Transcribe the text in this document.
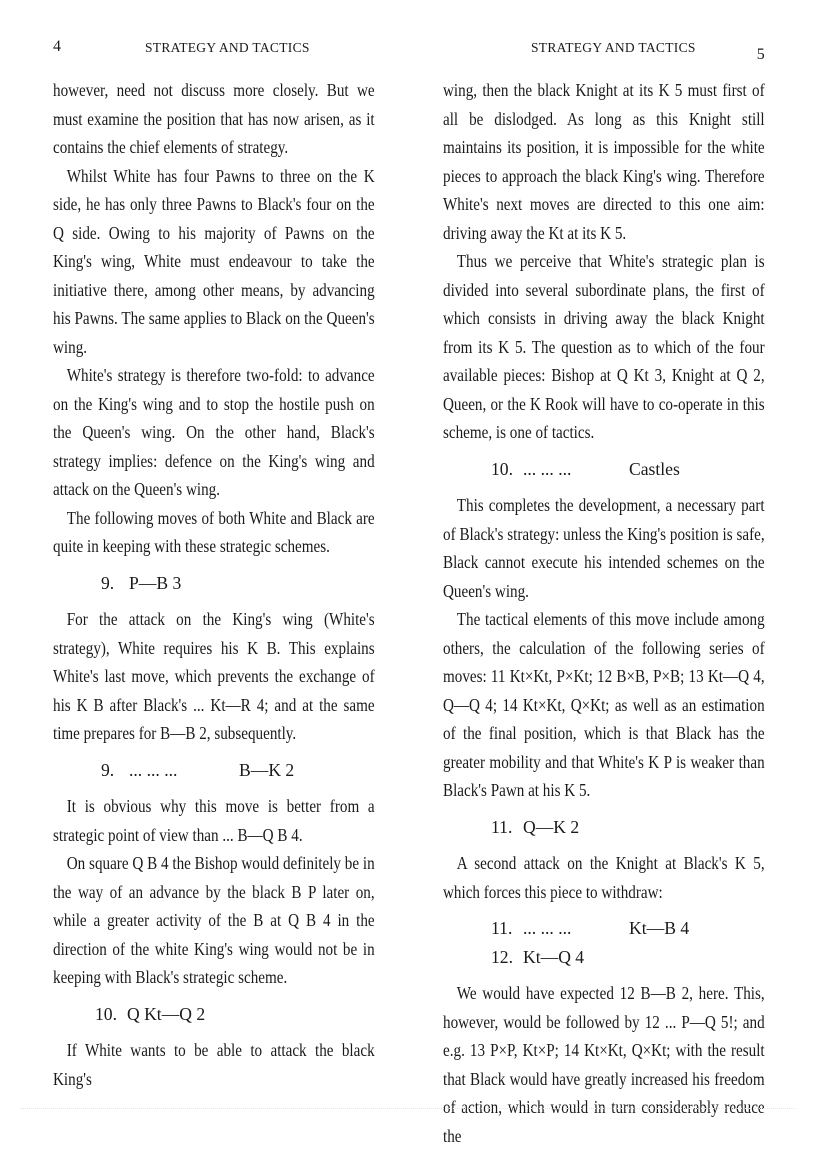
4	STRATEGY AND TACTICS

however, need not discuss more closely. But we must examine the position that has now arisen, as it contains the chief elements of strategy.

Whilst White has four Pawns to three on the K side, he has only three Pawns to Black's four on the Q side. Owing to his majority of Pawns on the King's wing, White must endeavour to take the initiative there, among other means, by advancing his Pawns. The same applies to Black on the Queen's wing.

White's strategy is therefore two-fold: to advance on the King's wing and to stop the hostile push on the Queen's wing. On the other hand, Black's strategy implies: defence on the King's wing and attack on the Queen's wing.

The following moves of both White and Black are quite in keeping with these strategic schemes.

9. P—B 3

For the attack on the King's wing (White's strategy), White requires his K B. This explains White's last move, which prevents the exchange of his K B after Black's ... Kt—R 4; and at the same time prepares for B—B 2, subsequently.

9. ... ... ...	B—K 2

It is obvious why this move is better from a strategic point of view than ... B—Q B 4.

On square Q B 4 the Bishop would definitely be in the way of an advance by the black B P later on, while a greater activity of the B at Q B 4 in the direction of the white King's wing would not be in keeping with Black's strategic scheme.

10. Q Kt—Q 2

If White wants to be able to attack the black King's

STRATEGY AND TACTICS	5

wing, then the black Knight at its K 5 must first of all be dislodged. As long as this Knight still maintains its position, it is impossible for the white pieces to approach the black King's wing. Therefore White's next moves are directed to this one aim: driving away the Kt at its K 5.

Thus we perceive that White's strategic plan is divided into several subordinate plans, the first of which consists in driving away the black Knight from its K 5. The question as to which of the four available pieces: Bishop at Q Kt 3, Knight at Q 2, Queen, or the K Rook will have to co-operate in this scheme, is one of tactics.

10. ... ... ...	Castles

This completes the development, a necessary part of Black's strategy: unless the King's position is safe, Black cannot execute his intended schemes on the Queen's wing.

The tactical elements of this move include among others, the calculation of the following series of moves: 11 Kt×Kt, P×Kt; 12 B×B, P×B; 13 Kt—Q 4, Q—Q 4; 14 Kt×Kt, Q×Kt; as well as an estimation of the final position, which is that Black has the greater mobility and that White's K P is weaker than Black's Pawn at his K 5.

11. Q—K 2

A second attack on the Knight at Black's K 5, which forces this piece to withdraw:

11. ... ... ...	Kt—B 4
12. Kt—Q 4

We would have expected 12 B—B 2, here. This, however, would be followed by 12 ... P—Q 5!; and e.g. 13 P×P, Kt×P; 14 Kt×Kt, Q×Kt; with the result that Black would have greatly increased his freedom of action, which would in turn considerably reduce the
